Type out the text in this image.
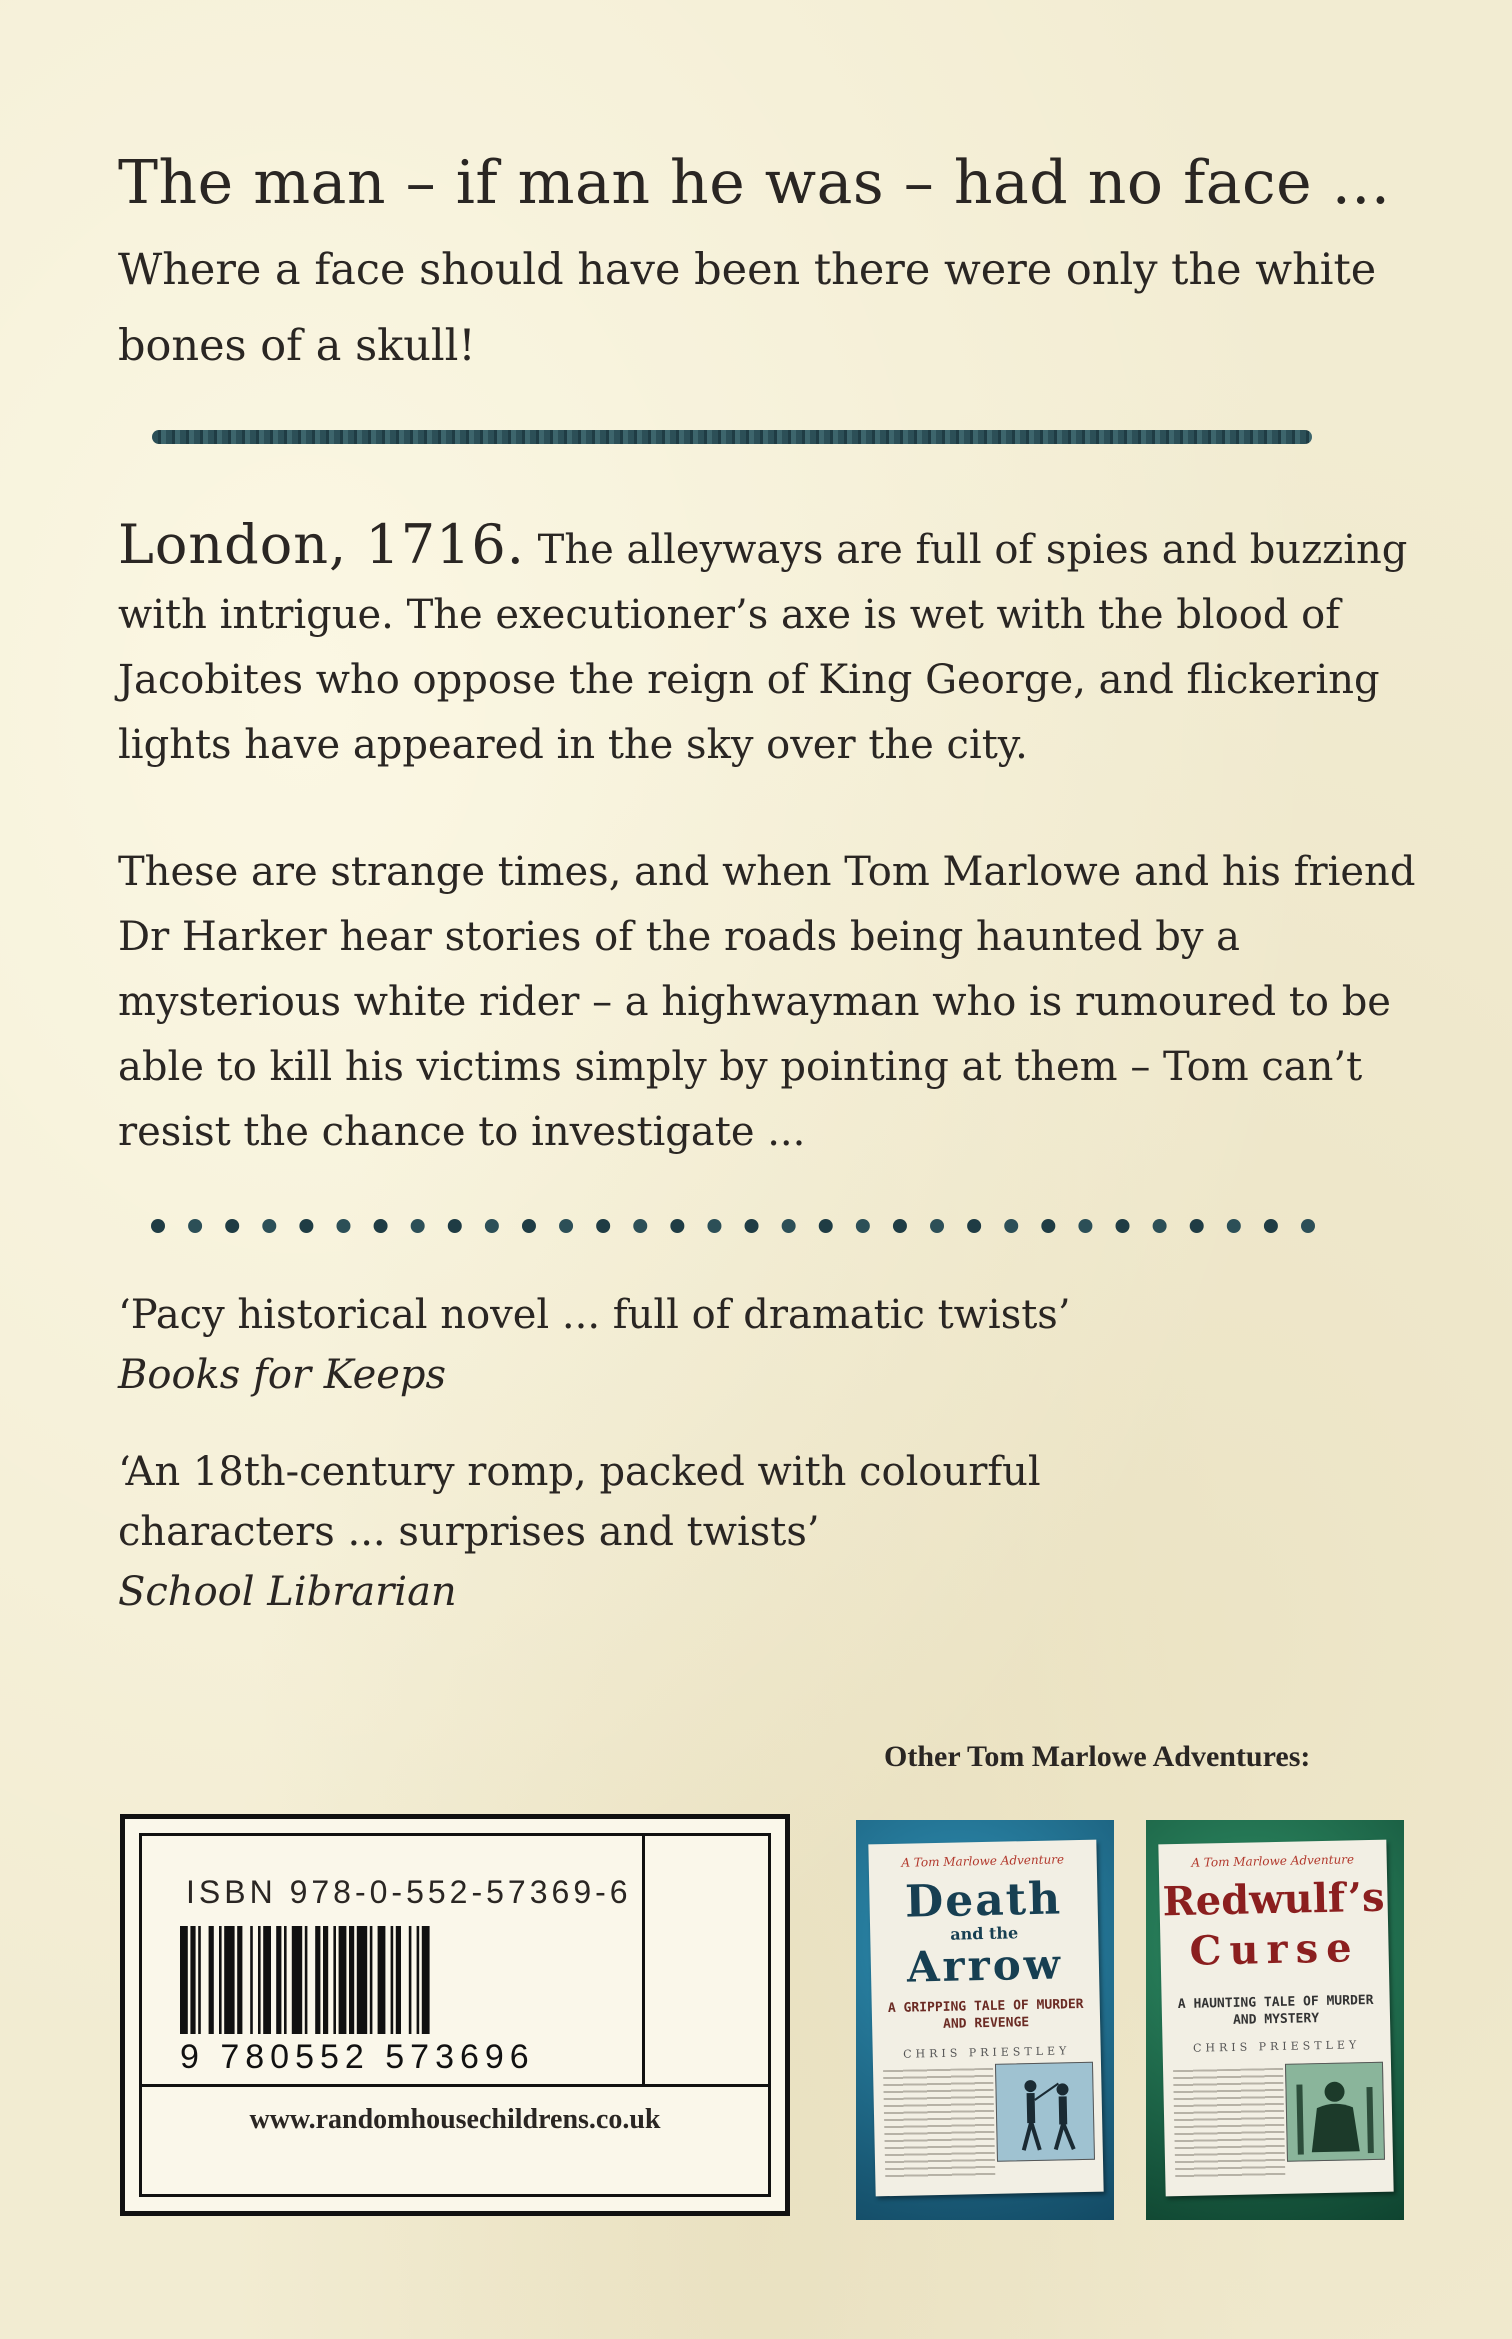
The man – if man he was – had no face ...
Where a face should have been there were only the white bones of a skull!
London, 1716. The alleyways are full of spies and buzzing with intrigue. The executioner’s axe is wet with the blood of Jacobites who oppose the reign of King George, and flickering lights have appeared in the sky over the city.
These are strange times, and when Tom Marlowe and his friend Dr Harker hear stories of the roads being haunted by a mysterious white rider – a highwayman who is rumoured to be able to kill his victims simply by pointing at them – Tom can’t resist the chance to investigate ...
‘Pacy historical novel ... full of dramatic twists’
Books for Keeps
‘An 18th-century romp, packed with colourful characters ... surprises and twists’
School Librarian
Other Tom Marlowe Adventures:
ISBN 978-0-552-57369-6
9 780552 573696
www.randomhousechildrens.co.uk
A Tom Marlowe Adventure
Death
and the
Arrow
A GRIPPING TALE OF MURDER AND REVENGE
CHRIS PRIESTLEY
A Tom Marlowe Adventure
Redwulf’s
Curse
A HAUNTING TALE OF MURDER AND MYSTERY
CHRIS PRIESTLEY
